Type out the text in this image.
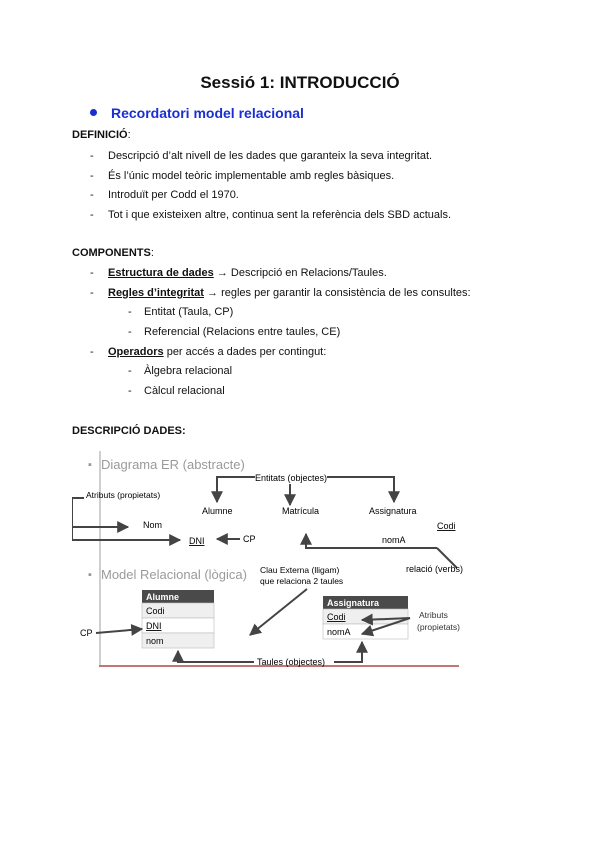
Sessió 1: INTRODUCCIÓ
Recordatori model relacional
DEFINICIÓ:
- Descripció d’alt nivell de les dades que garanteix la seva integritat.
- És l’únic model teòric implementable amb regles bàsiques.
- Introduït per Codd el 1970.
- Tot i que existeixen altre, continua sent la referència dels SBD actuals.
COMPONENTS:
- Estructura de dades → Descripció en Relacions/Taules.
- Regles d’integritat → regles per garantir la consistència de les consultes:
- Entitat (Taula, CP)
- Referencial (Relacions entre taules, CE)
- Operadors per accés a dades per contingut:
- Àlgebra relacional
- Càlcul relacional
DESCRIPCIÓ DADES:
▪ Diagrama ER (abstracte)
▪ Model Relacional (lògica)
Entitats (objectes)
Alumne	Matrícula	Assignatura
Atributs (propietats)
Nom
DNI	CP
Codi
nomA
relació (verbs)
Clau Externa (lligam)
que relaciona 2 taules
Alumne
Codi
DNI
nom
CP
Assignatura
Codi
nomA
Atributs
(propietats)
Taules (objectes)
